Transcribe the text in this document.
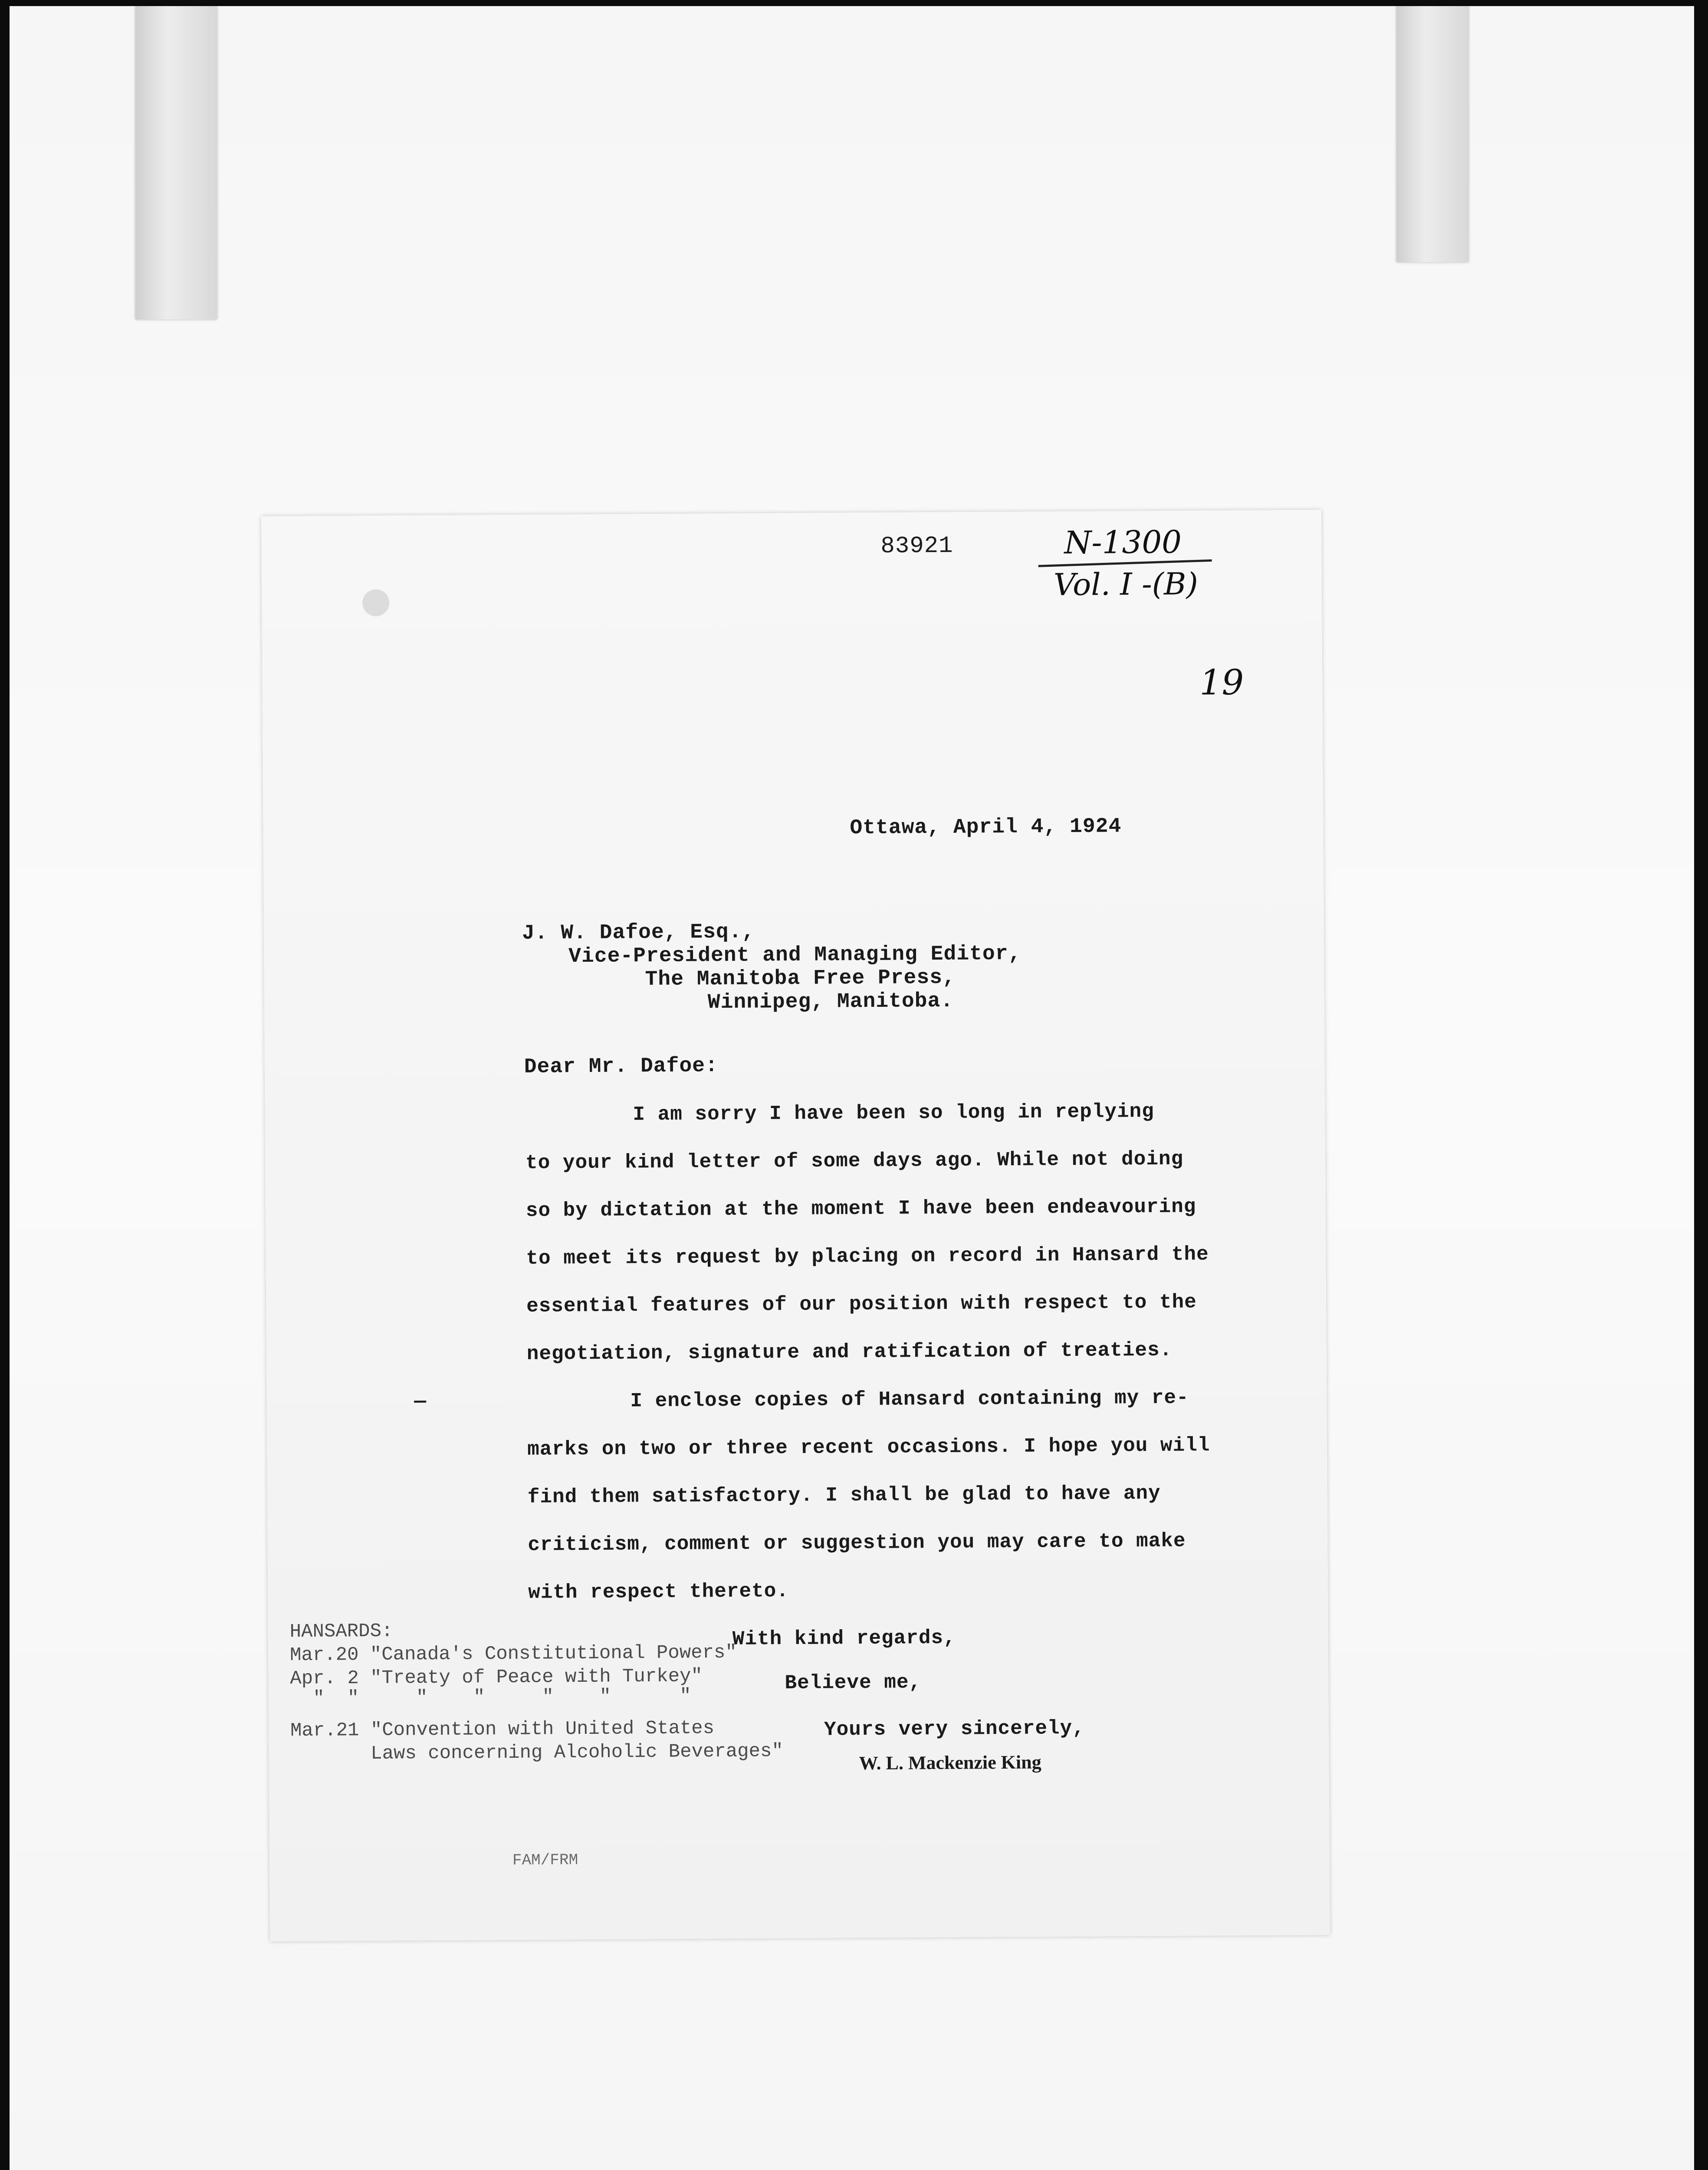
83921	N-1300
Vol. I -(B)
19
Ottawa, April 4, 1924
J. W. Dafoe, Esq.,
Vice-President and Managing Editor,
The Manitoba Free Press,
Winnipeg, Manitoba.
Dear Mr. Dafoe:
I am sorry I have been so long in replying
to your kind letter of some days ago. While not doing
so by dictation at the moment I have been endeavouring
to meet its request by placing on record in Hansard the
essential features of our position with respect to the
negotiation, signature and ratification of treaties.
—	I enclose copies of Hansard containing my re-
marks on two or three recent occasions. I hope you will
find them satisfactory. I shall be glad to have any
criticism, comment or suggestion you may care to make
with respect thereto.
With kind regards,
Believe me,
Yours very sincerely,
W. L. Mackenzie King
HANSARDS:
Mar.20 "Canada's Constitutional Powers"
Apr. 2 "Treaty of Peace with Turkey"
"  "     "    "     "    "      "
Mar.21 "Convention with United States
Laws concerning Alcoholic Beverages"
FAM/FRM
